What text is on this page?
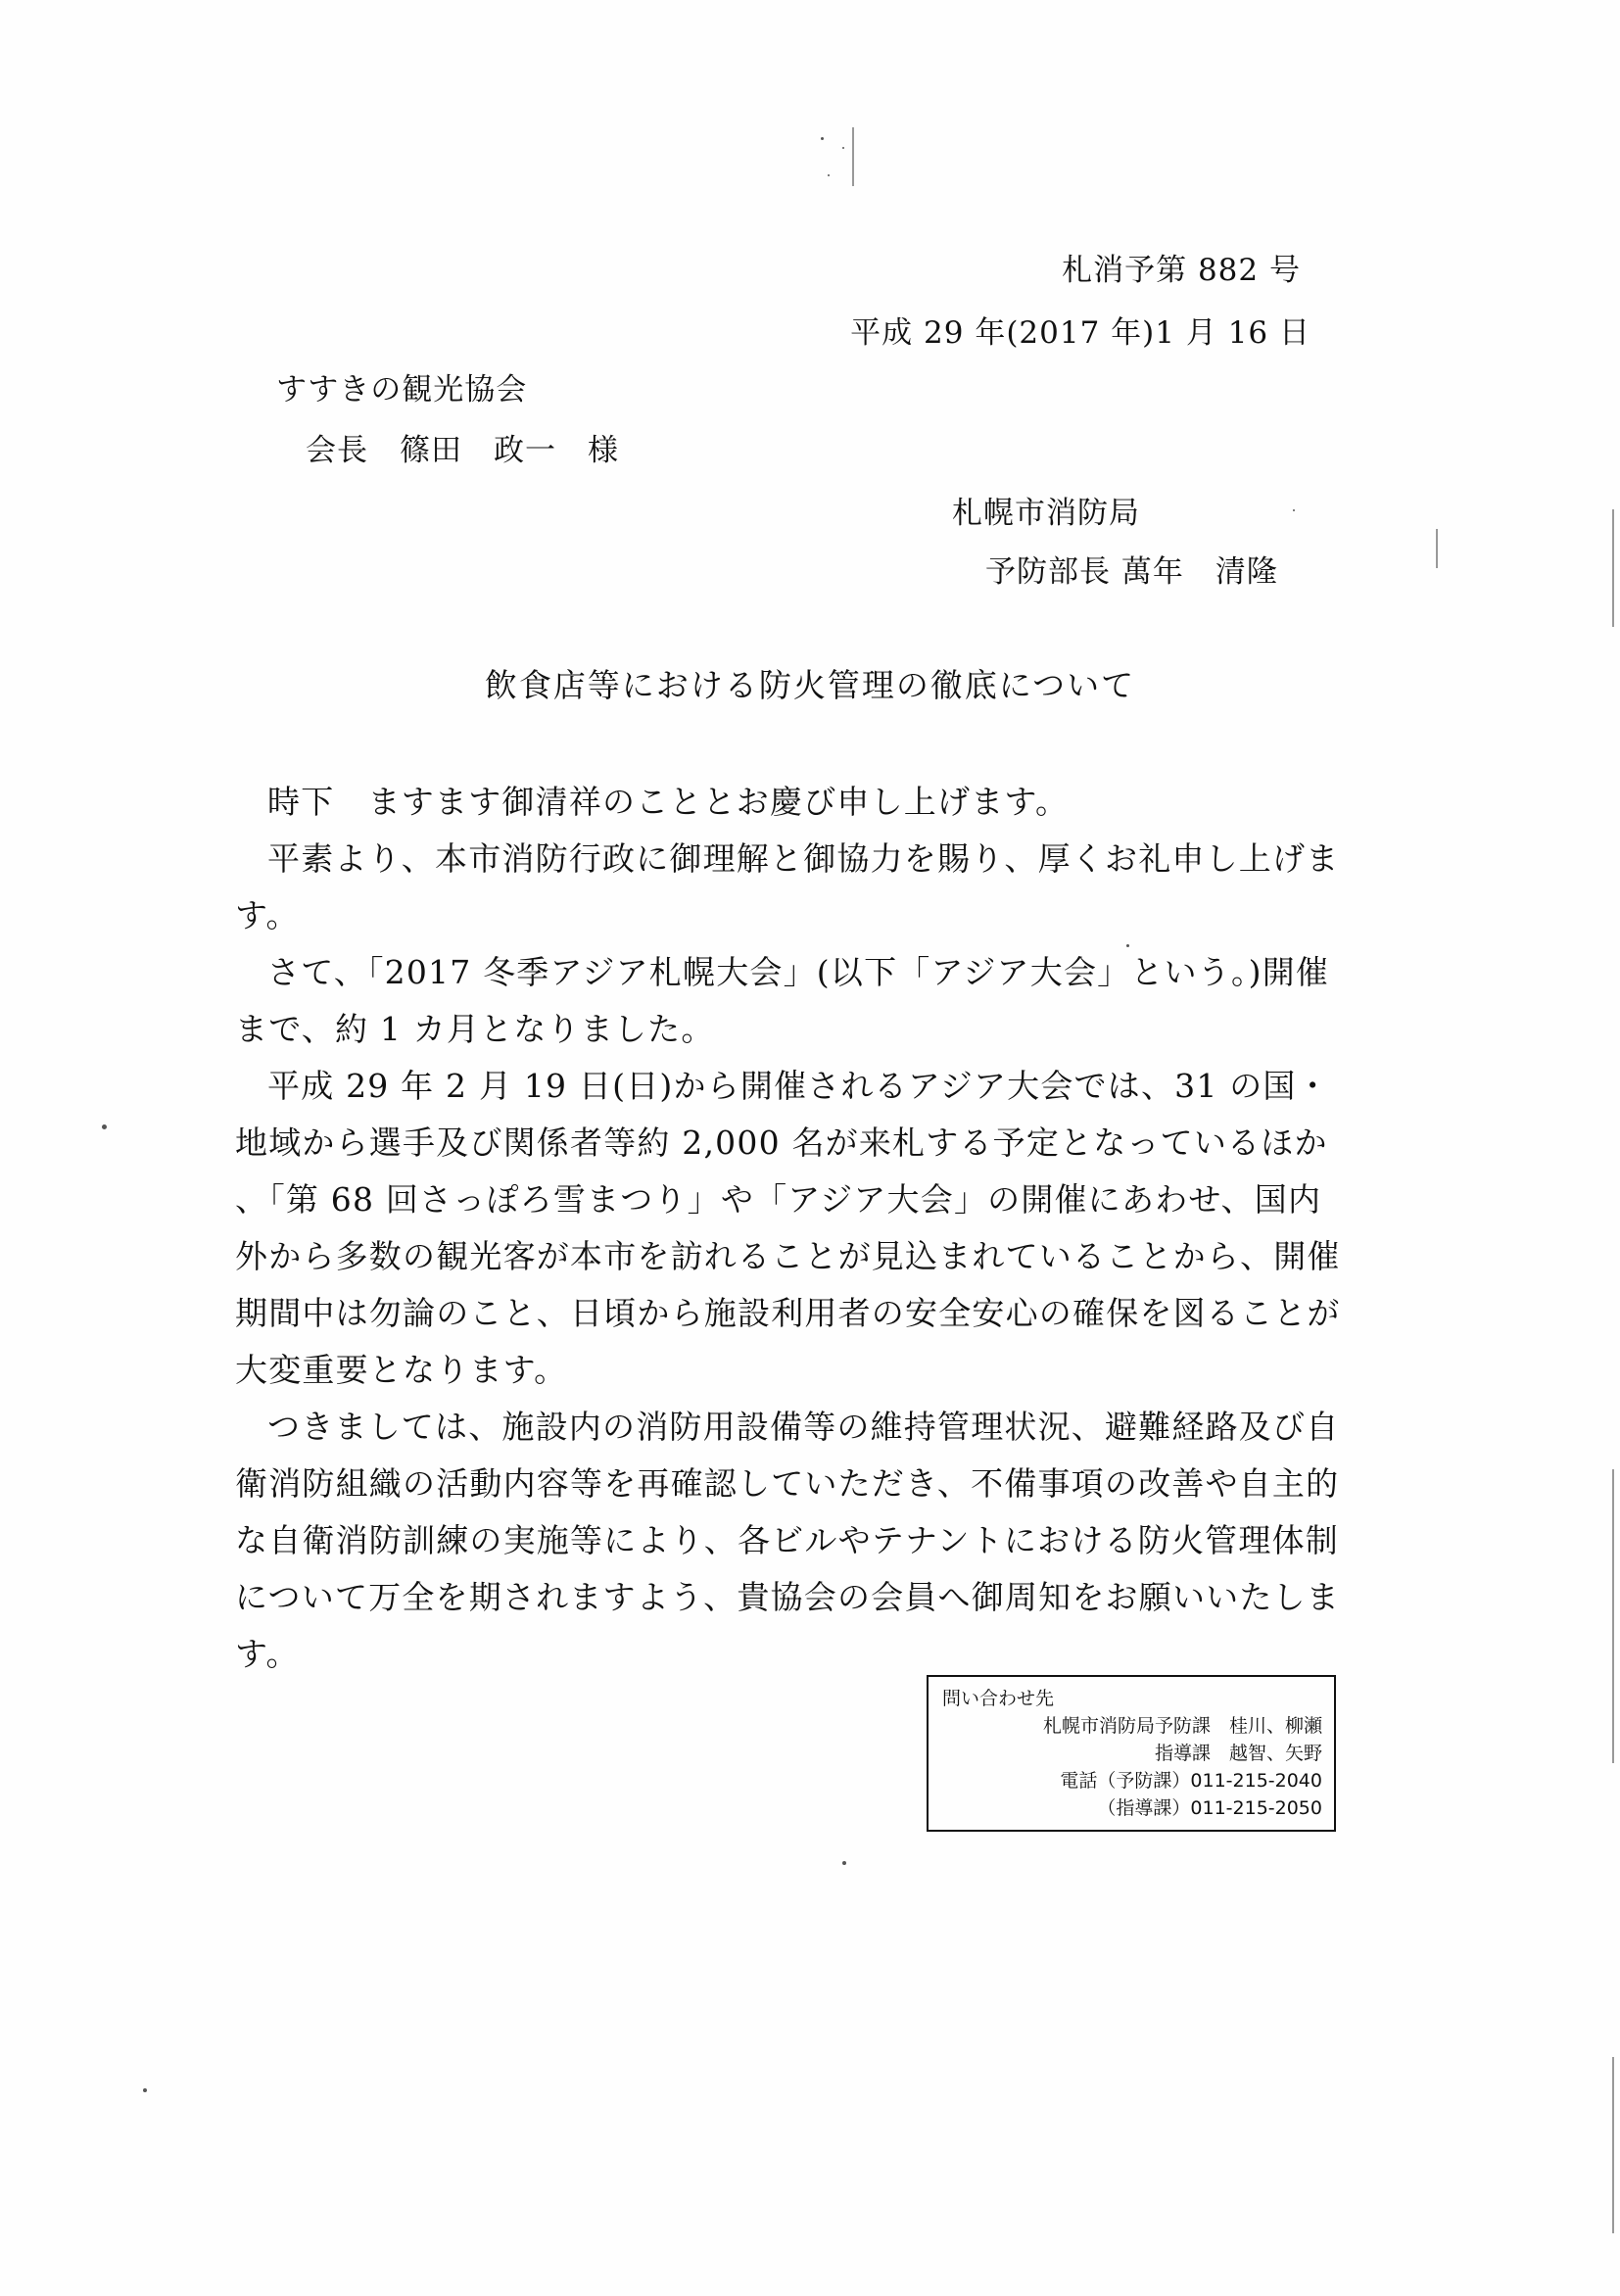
札消予第 882 号
平成 29 年(2017 年)1 月 16 日
すすきの観光協会
会長　篠田　政一　様
札幌市消防局
予防部長 萬年　清隆
飲食店等における防火管理の徹底について

時下　ますます御清祥のこととお慶び申し上げます。

平素より、本市消防行政に御理解と御協力を賜り、厚くお礼申し上げます。

さて、「2017 冬季アジア札幌大会」(以下「アジア大会」という。)開催まで、約 1 カ月となりました。

平成 29 年 2 月 19 日(日)から開催されるアジア大会では、31 の国・地域から選手及び関係者等約 2,000 名が来札する予定となっているほか、「第 68 回さっぽろ雪まつり」や「アジア大会」の開催にあわせ、国内外から多数の観光客が本市を訪れることが見込まれていることから、開催期間中は勿論のこと、日頃から施設利用者の安全安心の確保を図ることが大変重要となります。

つきましては、施設内の消防用設備等の維持管理状況、避難経路及び自衛消防組織の活動内容等を再確認していただき、不備事項の改善や自主的な自衛消防訓練の実施等により、各ビルやテナントにおける防火管理体制について万全を期されますよう、貴協会の会員へ御周知をお願いいたします。

問い合わせ先
札幌市消防局予防課　桂川、柳瀬
指導課　越智、矢野
電話（予防課）011-215-2040
（指導課）011-215-2050
